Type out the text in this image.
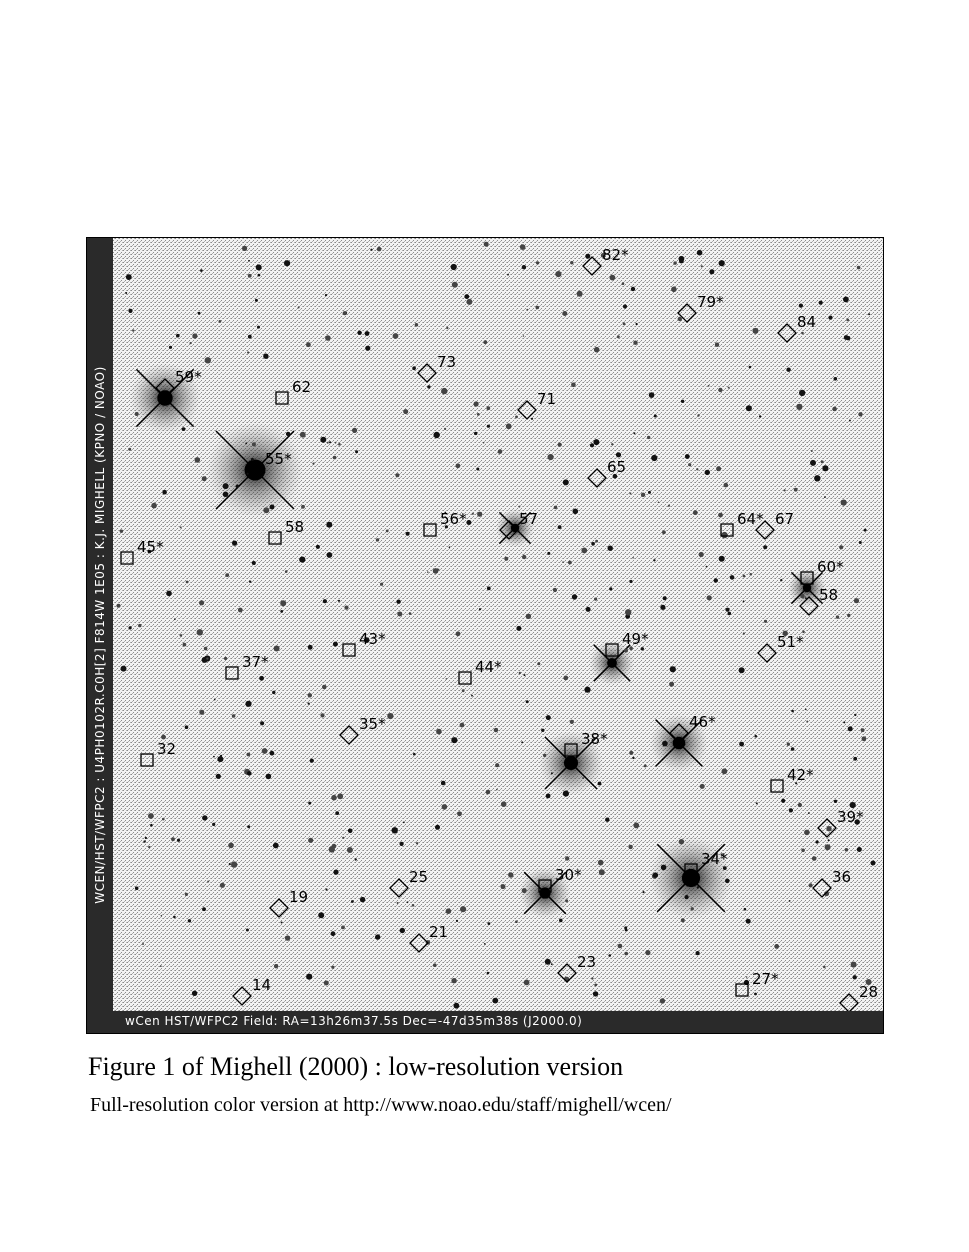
59*
55*
62
73
58	56*	57
71
65
82*
79*
84
64* 67
60*
58
45*
43*
37*	44*
49*	51*
46*
35*
32
38*
42*
39*
34*
36
30*
25
19
21
23
27*
28
14
WCEN/HST/WFPC2 : U4PH0102R.C0H[2] F814W 1E05 : K.J. MIGHELL (KPNO / NOAO)
wCen HST/WFPC2 Field: RA=13h26m37.5s Dec=-47d35m38s (J2000.0)
Figure 1 of Mighell (2000) : low-resolution version
Full-resolution color version at http://www.noao.edu/staff/mighell/wcen/
